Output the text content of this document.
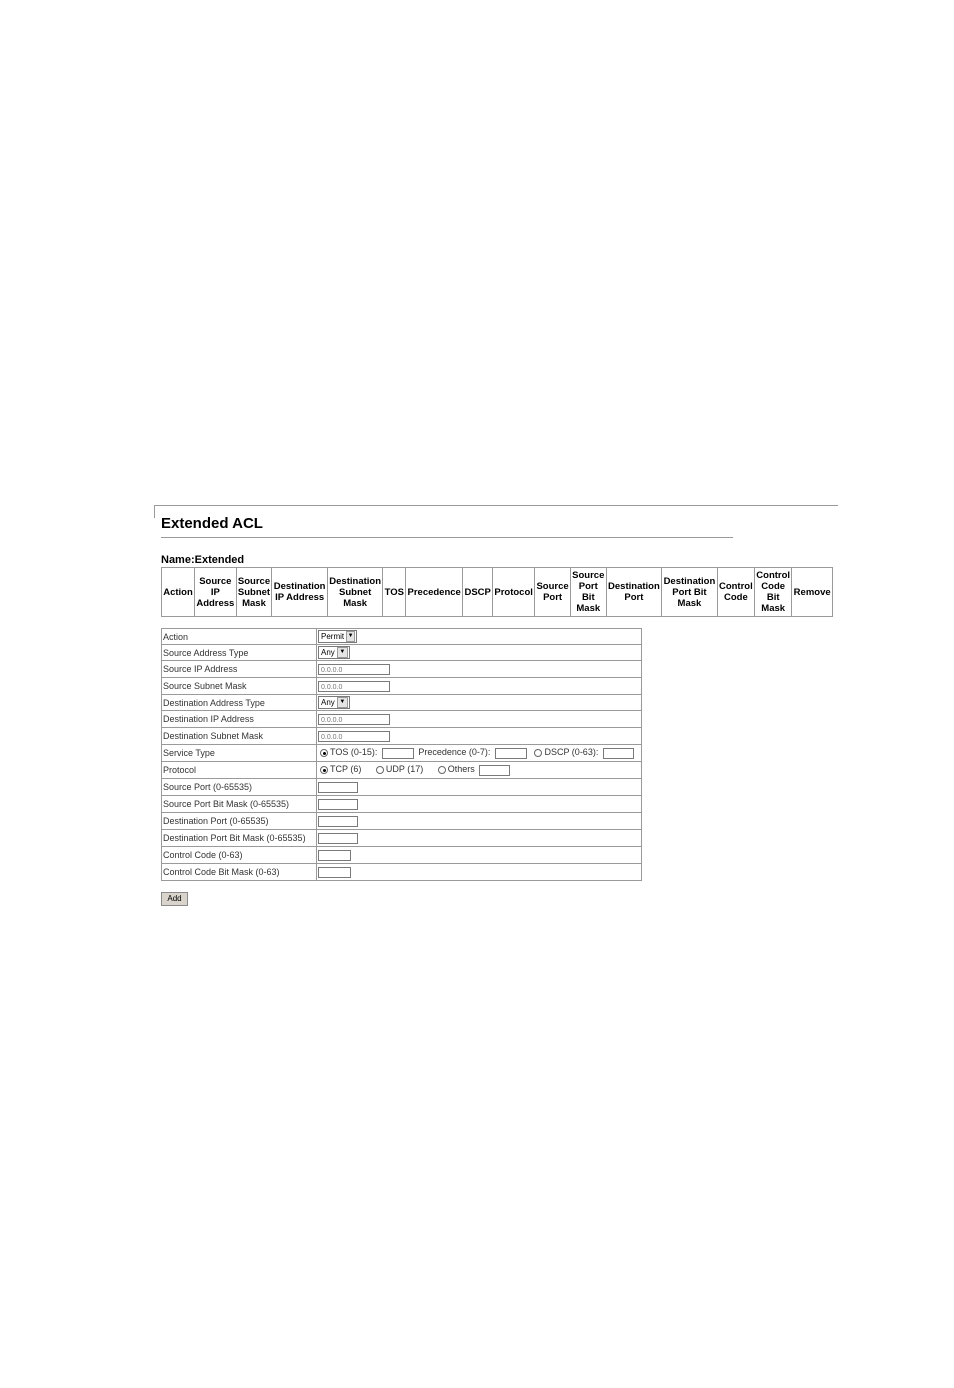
Extended ACL
Name:Extended
Action	Source
IP
Address	Source
Subnet
Mask	Destination
IP Address	Destination
Subnet
Mask	TOS	Precedence	DSCP	Protocol	Source
Port	Source
Port
Bit
Mask	Destination
Port	Destination
Port Bit
Mask	Control
Code	Control
Code
Bit
Mask	Remove
Action	Permit ▼

Source Address Type	Any ▼

Source IP Address	0.0.0.0
Source Subnet Mask	0.0.0.0
Destination Address Type	Any ▼

Destination IP Address	0.0.0.0
Destination Subnet Mask	0.0.0.0
Service Type	TOS (0-15): Precedence (0-7): DSCP (0-63):
Protocol	TCP (6) UDP (17) Others
Source Port (0-65535)	
Source Port Bit Mask (0-65535)	
Destination Port (0-65535)	
Destination Port Bit Mask (0-65535)	
Control Code (0-63)	
Control Code Bit Mask (0-63)	
Add
